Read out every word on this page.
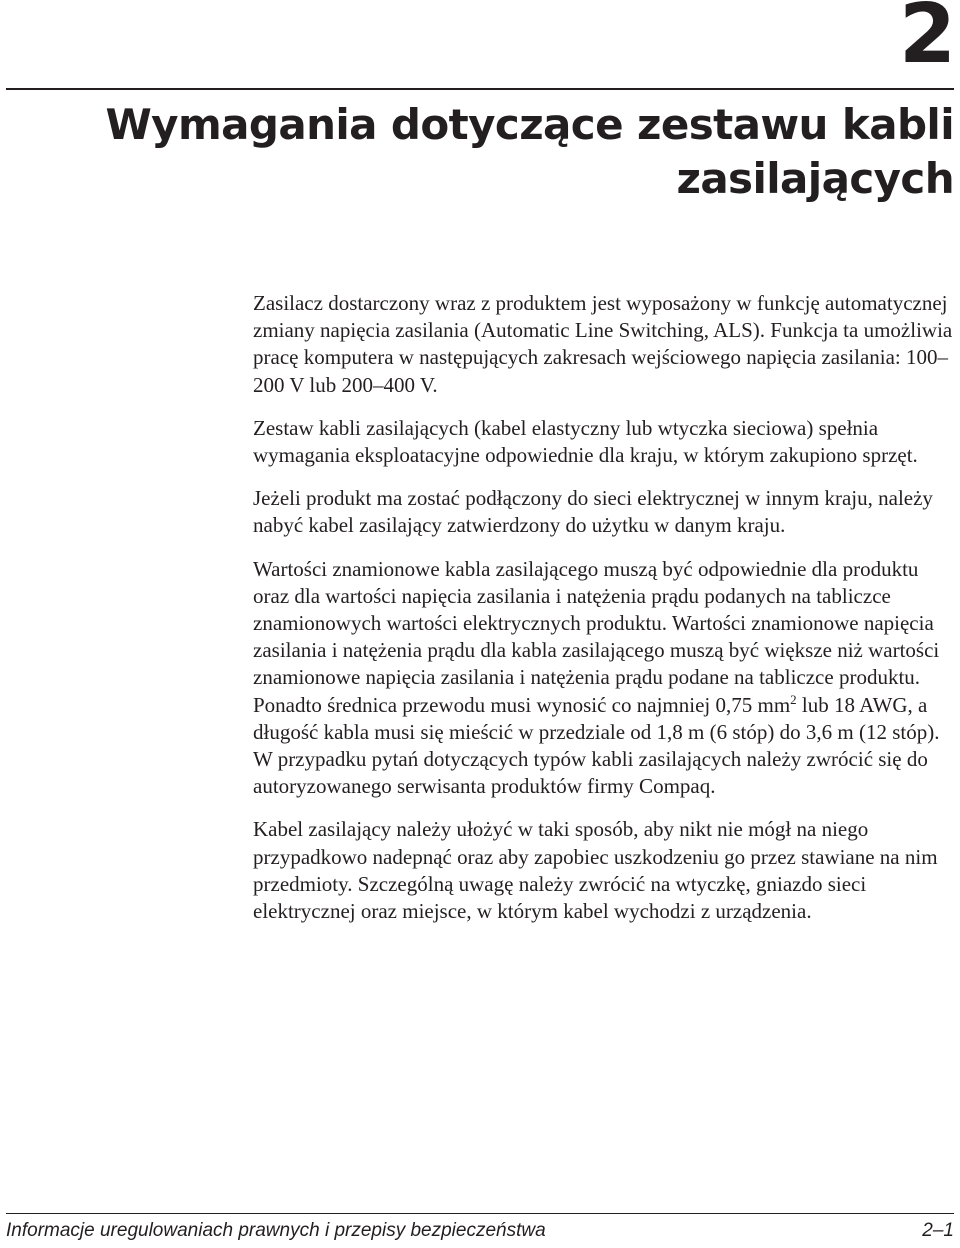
2
Wymagania dotyczące zestawu kabli zasilających

Zasilacz dostarczony wraz z produktem jest wyposażony w funkcję automatycznej zmiany napięcia zasilania (Automatic Line Switching, ALS). Funkcja ta umożliwia pracę komputera w następujących zakresach wejściowego napięcia zasilania: 100–200 V lub 200–400 V.

Zestaw kabli zasilających (kabel elastyczny lub wtyczka sieciowa) spełnia wymagania eksploatacyjne odpowiednie dla kraju, w którym zakupiono sprzęt.

Jeżeli produkt ma zostać podłączony do sieci elektrycznej w innym kraju, należy nabyć kabel zasilający zatwierdzony do użytku w danym kraju.

Wartości znamionowe kabla zasilającego muszą być odpowiednie dla produktu oraz dla wartości napięcia zasilania i natężenia prądu podanych na tabliczce znamionowych wartości elektrycznych produktu. Wartości znamionowe napięcia zasilania i natężenia prądu dla kabla zasilającego muszą być większe niż wartości znamionowe napięcia zasilania i natężenia prądu podane na tabliczce produktu. Ponadto średnica przewodu musi wynosić co najmniej 0,75 $mm^2$ lub 18 AWG, a długość kabla musi się mieścić w przedziale od 1,8 m (6 stóp) do 3,6 m (12 stóp). W przypadku pytań dotyczących typów kabli zasilających należy zwrócić się do autoryzowanego serwisanta produktów firmy Compaq.

Kabel zasilający należy ułożyć w taki sposób, aby nikt nie mógł na niego przypadkowo nadepnąć oraz aby zapobiec uszkodzeniu go przez stawiane na nim przedmioty. Szczególną uwagę należy zwrócić na wtyczkę, gniazdo sieci elektrycznej oraz miejsce, w którym kabel wychodzi z urządzenia.

Informacje uregulowaniach prawnych i przepisy bezpieczeństwa	2–1
